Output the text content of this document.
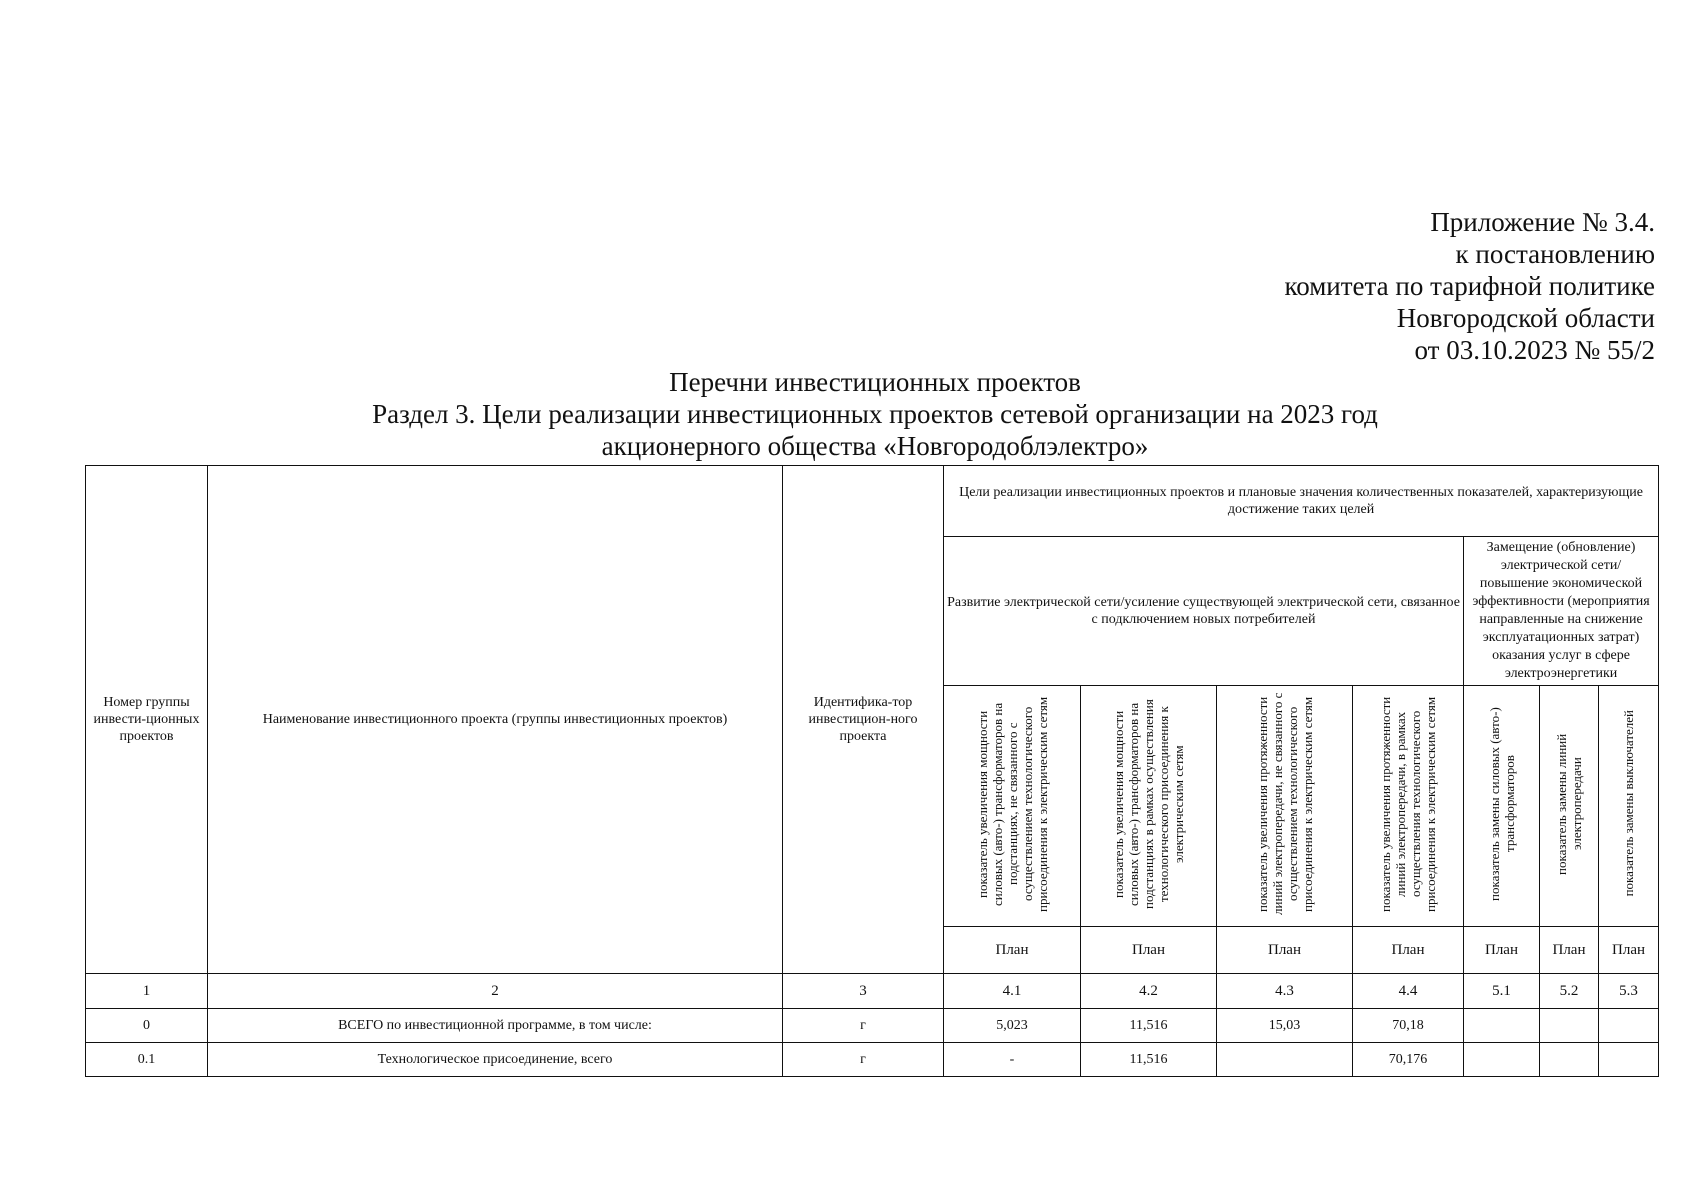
Приложение № 3.4.
к постановлению
комитета по тарифной политике
Новгородской области
от 03.10.2023 № 55/2
Перечни инвестиционных проектов
Раздел 3. Цели реализации инвестиционных проектов сетевой организации на 2023 год
акционерного общества «Новгородоблэлектро»
Номер группы инвести-ционных проектов	Наименование инвестиционного проекта (группы инвестиционных проектов)	Идентифика-тор инвестицион-ного проекта	Цели реализации инвестиционных проектов и плановые значения количественных показателей, характеризующие достижение таких целей						
			Развитие электрической сети/усиление существующей электрической сети, связанное с подключением новых потребителей				Замещение (обновление) электрической сети/повышение экономической эффективности (мероприятия направленные на снижение эксплуатационных затрат) оказания услуг в сфере электроэнергетики		
			показатель увеличения мощности силовых (авто-) трансформаторов на подстанциях, не связанного с осуществлением технологического присоединения к электрическим сетям	показатель увеличения мощности силовых (авто-) трансформаторов на подстанциях в рамках осуществления технологического присоединения к электрическим сетям	показатель увеличения протяженности линий электропередачи, не связанного с осуществлением технологического присоединения к электрическим сетям	показатель увеличения протяженности линий электропередачи, в рамках осуществления технологического присоединения к электрическим сетям	показатель замены силовых (авто-) трансформаторов	показатель замены линий электропередачи	показатель замены выключателей
			План	План	План	План	План	План	План
1	2	3	4.1	4.2	4.3	4.4	5.1	5.2	5.3
0	ВСЕГО по инвестиционной программе, в том числе:	г	5,023	11,516	15,03	70,18			
0.1	Технологическое присоединение, всего	г	-	11,516		70,176			
